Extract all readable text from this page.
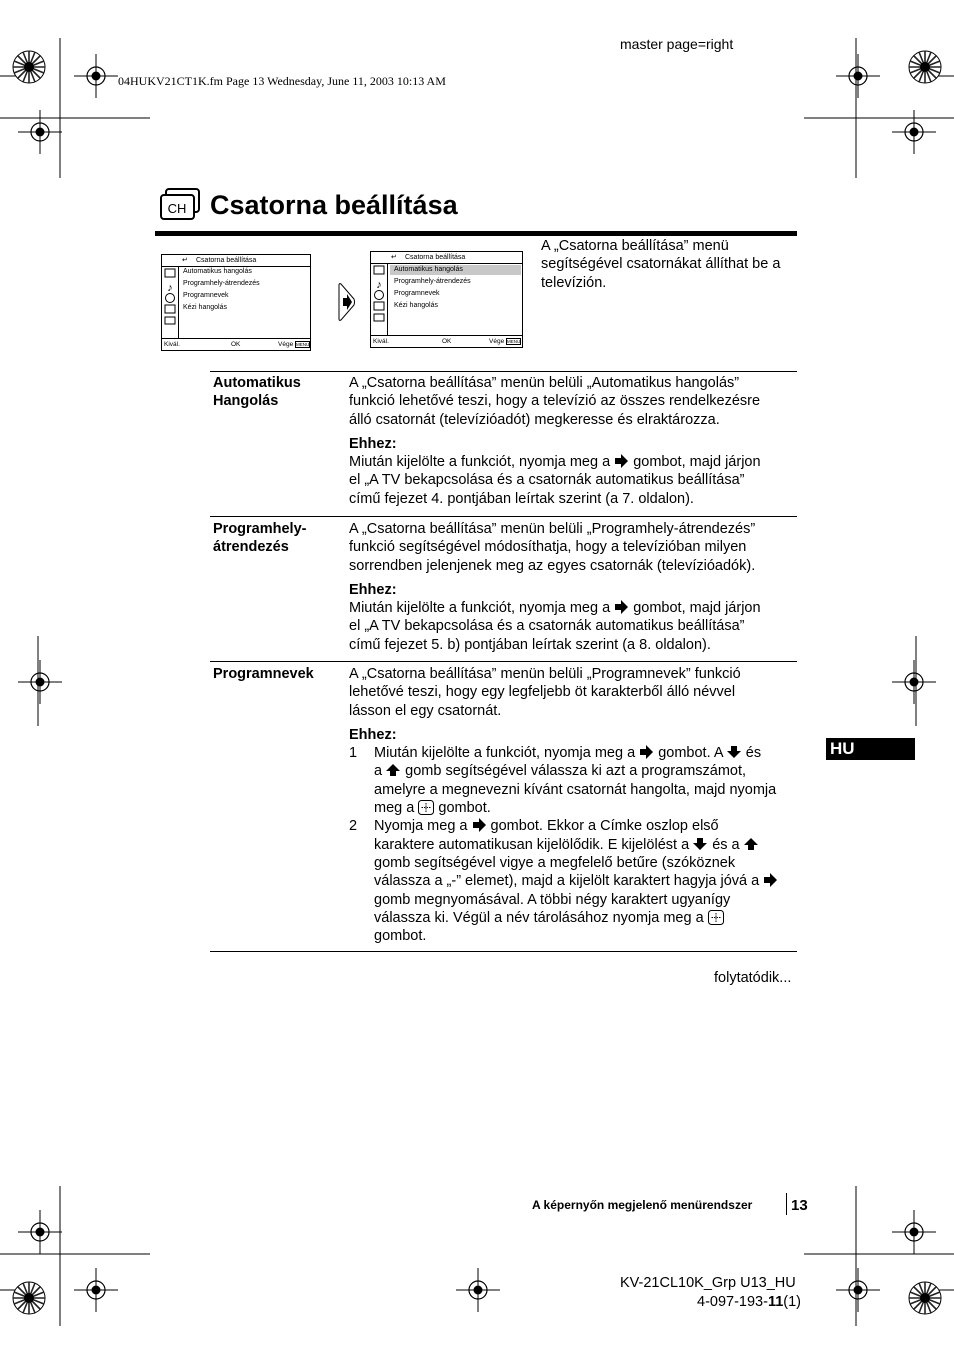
master page=right
04HUKV21CT1K.fm Page 13 Wednesday, June 11, 2003 10:13 AM
CH Csatorna beállítása
↵ Csatorna beállítása
♪
Automatikus hangolás
Programhely-átrendezés
Programnevek
Kézi hangolás
Kivál.	OK	Vége MENU
↵ Csatorna beállítása
♪
Automatikus hangolás
Programhely-átrendezés
Programnevek
Kézi hangolás
Kivál.	OK	Vége MENU
A „Csatorna beállítása” menü
segítségével csatornákat állíthat be a
televízión.
Automatikus
Hangolás
A „Csatorna beállítása” menün belüli „Automatikus hangolás”
funkció lehetővé teszi, hogy a televízió az összes rendelkezésre
álló csatornát (televízióadót) megkeresse és elraktározza.
Ehhez:
Miután kijelölte a funkciót, nyomja meg a gombot, majd járjon
el „A TV bekapcsolása és a csatornák automatikus beállítása”
című fejezet 4. pontjában leírtak szerint (a 7. oldalon).
Programhely-
átrendezés
A „Csatorna beállítása” menün belüli „Programhely-átrendezés”
funkció segítségével módosíthatja, hogy a televízióban milyen
sorrendben jelenjenek meg az egyes csatornák (televízióadók).
Ehhez:
Miután kijelölte a funkciót, nyomja meg a gombot, majd járjon
el „A TV bekapcsolása és a csatornák automatikus beállítása”
című fejezet 5. b) pontjában leírtak szerint (a 8. oldalon).
Programnevek A „Csatorna beállítása” menün belüli „Programnevek” funkció
lehetővé teszi, hogy egy legfeljebb öt karakterből álló névvel
lásson el egy csatornát.
Ehhez:
1 Miután kijelölte a funkciót, nyomja meg a gombot. A és
a gomb segítségével válassza ki azt a programszámot,
amelyre a megnevezni kívánt csatornát hangolta, majd nyomja
meg a gombot.
2 Nyomja meg a gombot. Ekkor a Címke oszlop első
karaktere automatikusan kijelölődik. E kijelölést a és a
gomb segítségével vigye a megfelelő betűre (szóköznek
válassza a „-” elemet), majd a kijelölt karaktert hagyja jóvá a
gomb megnyomásával. A többi négy karaktert ugyanígy
válassza ki. Végül a név tárolásához nyomja meg a
gombot.
folytatódik...
HU
A képernyőn megjelenő menürendszer	13
KV-21CL10K_Grp U13_HU
4-097-193-11(1)
